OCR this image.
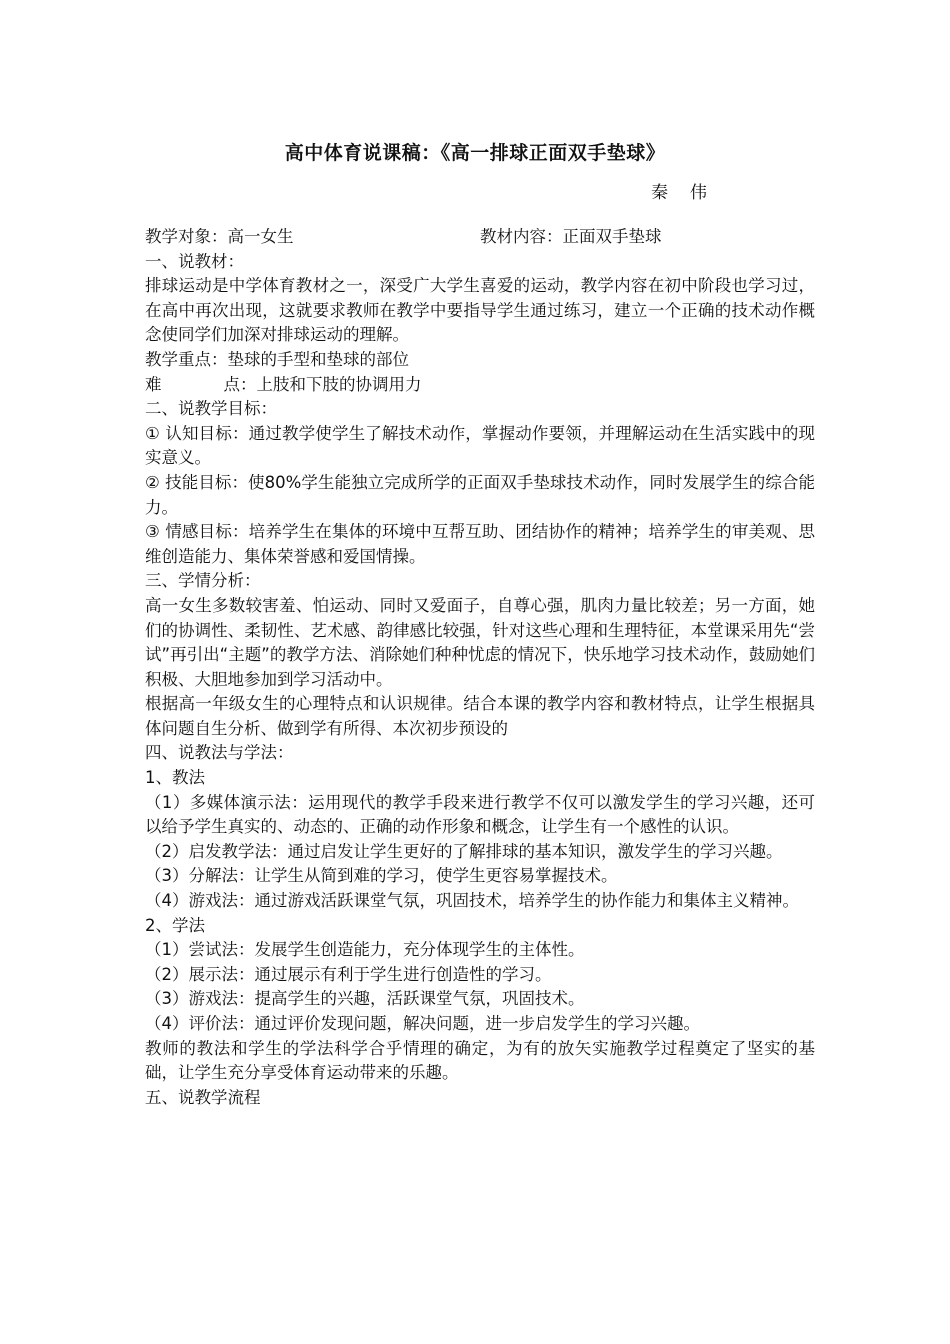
高中体育说课稿：《高一排球正面双手垫球》
秦伟
教学对象：高一女生	教材内容：正面双手垫球

一、说教材：

排球运动是中学体育教材之一，深受广大学生喜爱的运动，教学内容在初中阶段也学习过，在高中再次出现，这就要求教师在教学中要指导学生通过练习，建立一个正确的技术动作概念使同学们加深对排球运动的理解。

教学重点：垫球的手型和垫球的部位

难点：上肢和下肢的协调用力

二、说教学目标：

① 认知目标：通过教学使学生了解技术动作，掌握动作要领，并理解运动在生活实践中的现实意义。

② 技能目标：使80%学生能独立完成所学的正面双手垫球技术动作，同时发展学生的综合能力。

③ 情感目标：培养学生在集体的环境中互帮互助、团结协作的精神；培养学生的审美观、思维创造能力、集体荣誉感和爱国情操。

三、学情分析：

高一女生多数较害羞、怕运动、同时又爱面子，自尊心强，肌肉力量比较差；另一方面，她们的协调性、柔韧性、艺术感、韵律感比较强，针对这些心理和生理特征，本堂课采用先“尝试”再引出“主题”的教学方法、消除她们种种忧虑的情况下，快乐地学习技术动作，鼓励她们积极、大胆地参加到学习活动中。

根据高一年级女生的心理特点和认识规律。结合本课的教学内容和教材特点，让学生根据具体问题自生分析、做到学有所得、本次初步预设的

四、说教法与学法：

1、教法

（1）多媒体演示法：运用现代的教学手段来进行教学不仅可以激发学生的学习兴趣，还可以给予学生真实的、动态的、正确的动作形象和概念，让学生有一个感性的认识。

（2）启发教学法：通过启发让学生更好的了解排球的基本知识，激发学生的学习兴趣。

（3）分解法：让学生从简到难的学习，使学生更容易掌握技术。

（4）游戏法：通过游戏活跃课堂气氛，巩固技术，培养学生的协作能力和集体主义精神。

2、学法

（1）尝试法：发展学生创造能力，充分体现学生的主体性。

（2）展示法：通过展示有利于学生进行创造性的学习。

（3）游戏法：提高学生的兴趣，活跃课堂气氛，巩固技术。

（4）评价法：通过评价发现问题，解决问题，进一步启发学生的学习兴趣。

教师的教法和学生的学法科学合乎情理的确定，为有的放矢实施教学过程奠定了坚实的基础，让学生充分享受体育运动带来的乐趣。

五、说教学流程
